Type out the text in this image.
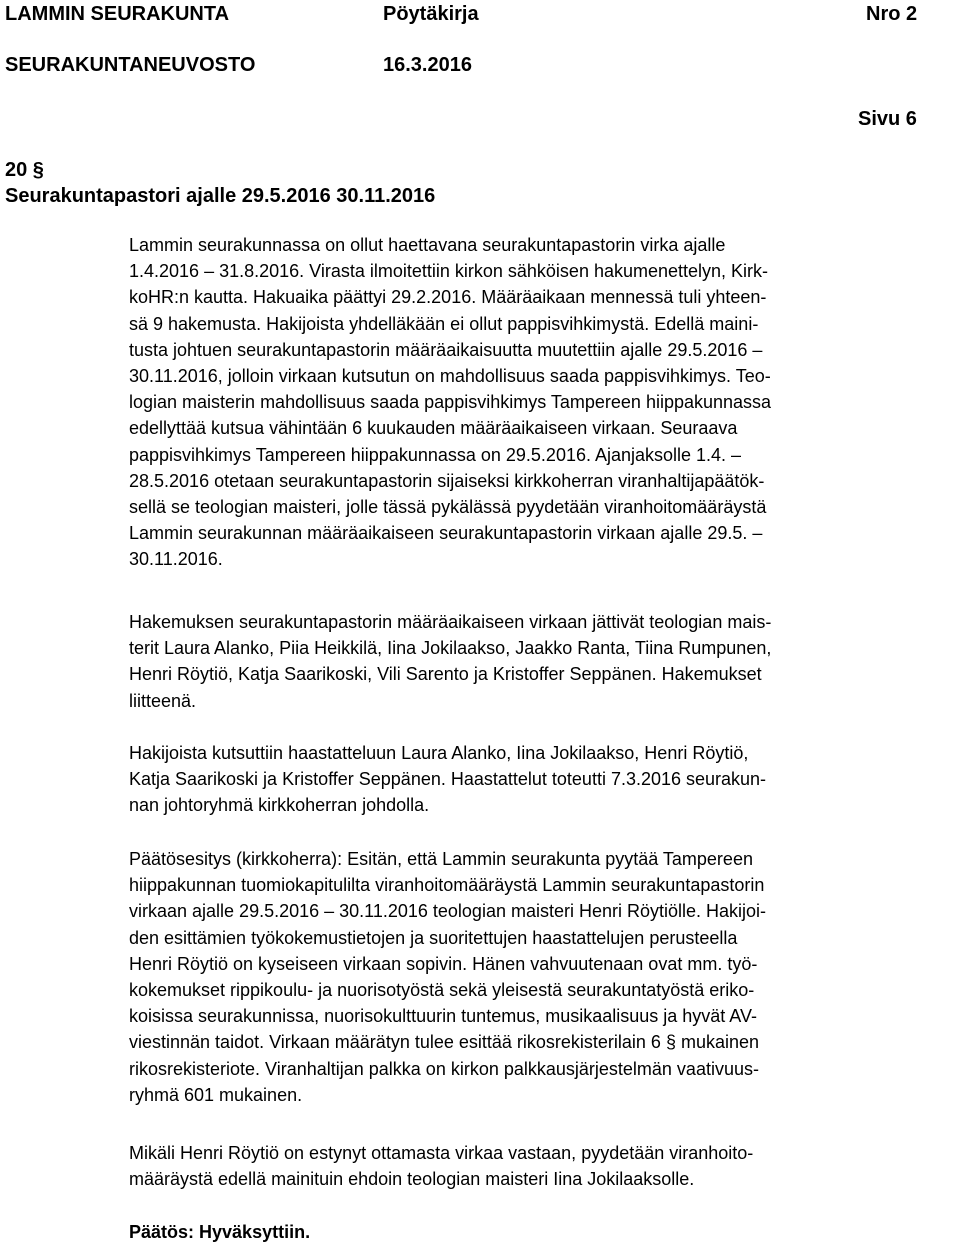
LAMMIN SEURAKUNTA	Pöytäkirja	Nro 2
SEURAKUNTANEUVOSTO	16.3.2016
Sivu 6
20 §
Seurakuntapastori ajalle 29.5.2016 30.11.2016

Lammin seurakunnassa on ollut haettavana seurakuntapastorin virka ajalle
1.4.2016 – 31.8.2016. Virasta ilmoitettiin kirkon sähköisen hakumenettelyn, Kirk-
koHR:n kautta. Hakuaika päättyi 29.2.2016. Määräaikaan mennessä tuli yhteen-
sä 9 hakemusta. Hakijoista yhdelläkään ei ollut pappisvihkimystä. Edellä maini-
tusta johtuen seurakuntapastorin määräaikaisuutta muutettiin ajalle 29.5.2016 –
30.11.2016, jolloin virkaan kutsutun on mahdollisuus saada pappisvihkimys. Teo-
logian maisterin mahdollisuus saada pappisvihkimys Tampereen hiippakunnassa
edellyttää kutsua vähintään 6 kuukauden määräaikaiseen virkaan. Seuraava
pappisvihkimys Tampereen hiippakunnassa on 29.5.2016. Ajanjaksolle 1.4. –
28.5.2016 otetaan seurakuntapastorin sijaiseksi kirkkoherran viranhaltijapäätök-
sellä se teologian maisteri, jolle tässä pykälässä pyydetään viranhoitomääräystä
Lammin seurakunnan määräaikaiseen seurakuntapastorin virkaan ajalle 29.5. –
30.11.2016.

Hakemuksen seurakuntapastorin määräaikaiseen virkaan jättivät teologian mais-
terit Laura Alanko, Piia Heikkilä, Iina Jokilaakso, Jaakko Ranta, Tiina Rumpunen,
Henri Röytiö, Katja Saarikoski, Vili Sarento ja Kristoffer Seppänen. Hakemukset
liitteenä.

Hakijoista kutsuttiin haastatteluun Laura Alanko, Iina Jokilaakso, Henri Röytiö,
Katja Saarikoski ja Kristoffer Seppänen. Haastattelut toteutti 7.3.2016 seurakun-
nan johtoryhmä kirkkoherran johdolla.

Päätösesitys (kirkkoherra): Esitän, että Lammin seurakunta pyytää Tampereen
hiippakunnan tuomiokapitulilta viranhoitomääräystä Lammin seurakuntapastorin
virkaan ajalle 29.5.2016 – 30.11.2016 teologian maisteri Henri Röytiölle. Hakijoi-
den esittämien työkokemustietojen ja suoritettujen haastattelujen perusteella
Henri Röytiö on kyseiseen virkaan sopivin. Hänen vahvuutenaan ovat mm. työ-
kokemukset rippikoulu- ja nuorisotyöstä sekä yleisestä seurakuntatyöstä eriko-
koisissa seurakunnissa, nuorisokulttuurin tuntemus, musikaalisuus ja hyvät AV-
viestinnän taidot. Virkaan määrätyn tulee esittää rikosrekisterilain 6 § mukainen
rikosrekisteriote. Viranhaltijan palkka on kirkon palkkausjärjestelmän vaativuus-
ryhmä 601 mukainen.

Mikäli Henri Röytiö on estynyt ottamasta virkaa vastaan, pyydetään viranhoito-
määräystä edellä mainituin ehdoin teologian maisteri Iina Jokilaaksolle.

Päätös: Hyväksyttiin.
